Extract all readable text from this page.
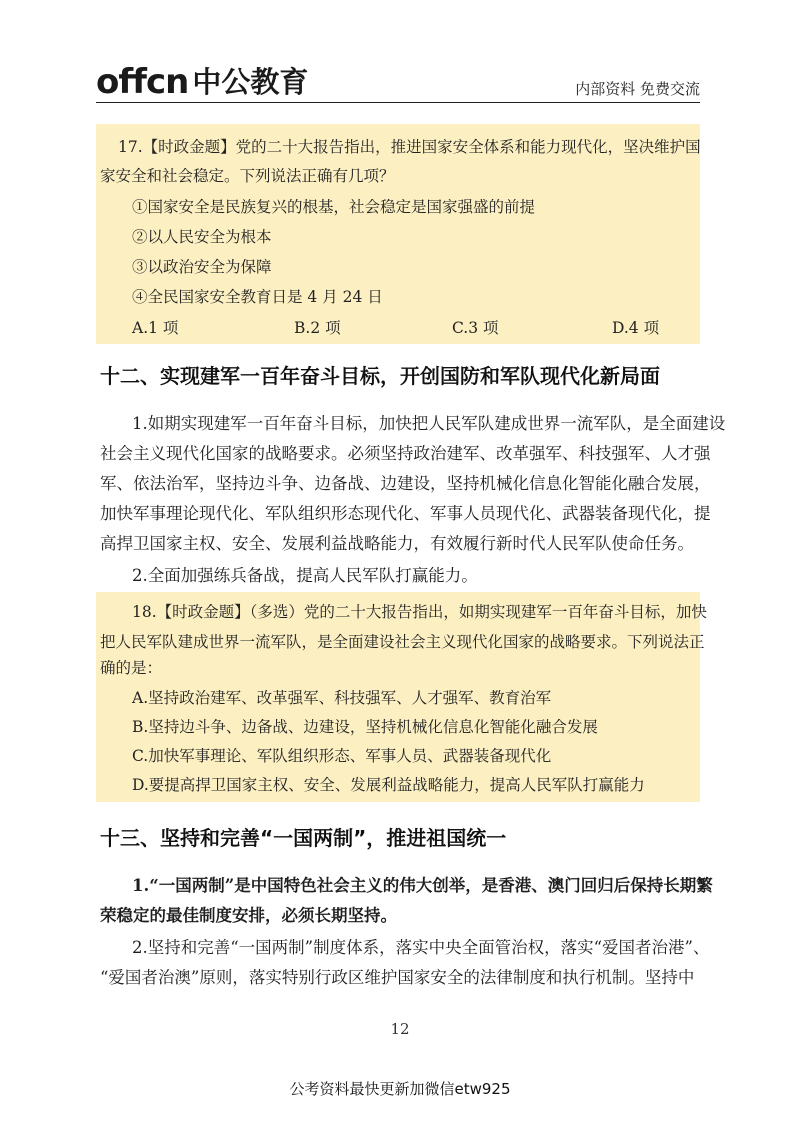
offcn 中公教育	内部资料 免费交流
17.【时政金题】党的二十大报告指出，推进国家安全体系和能力现代化，坚决维护国
家安全和社会稳定。下列说法正确有几项？
①国家安全是民族复兴的根基，社会稳定是国家强盛的前提
②以人民安全为根本
③以政治安全为保障
④全民国家安全教育日是 4 月 24 日
A.1 项	B.2 项	C.3 项	D.4 项
十二、实现建军一百年奋斗目标，开创国防和军队现代化新局面
1.如期实现建军一百年奋斗目标，加快把人民军队建成世界一流军队，是全面建设
社会主义现代化国家的战略要求。必须坚持政治建军、改革强军、科技强军、人才强
军、依法治军，坚持边斗争、边备战、边建设，坚持机械化信息化智能化融合发展，
加快军事理论现代化、军队组织形态现代化、军事人员现代化、武器装备现代化，提
高捍卫国家主权、安全、发展利益战略能力，有效履行新时代人民军队使命任务。
2.全面加强练兵备战，提高人民军队打赢能力。
18.【时政金题】（多选）党的二十大报告指出，如期实现建军一百年奋斗目标，加快
把人民军队建成世界一流军队，是全面建设社会主义现代化国家的战略要求。下列说法正
确的是：
A.坚持政治建军、改革强军、科技强军、人才强军、教育治军
B.坚持边斗争、边备战、边建设，坚持机械化信息化智能化融合发展
C.加快军事理论、军队组织形态、军事人员、武器装备现代化
D.要提高捍卫国家主权、安全、发展利益战略能力，提高人民军队打赢能力
十三、坚持和完善“一国两制”，推进祖国统一
1.“一国两制”是中国特色社会主义的伟大创举，是香港、澳门回归后保持长期繁
荣稳定的最佳制度安排，必须长期坚持。
2.坚持和完善“一国两制”制度体系，落实中央全面管治权，落实“爱国者治港”、
“爱国者治澳”原则，落实特别行政区维护国家安全的法律制度和执行机制。坚持中
12
公考资料最快更新加微信etw925
